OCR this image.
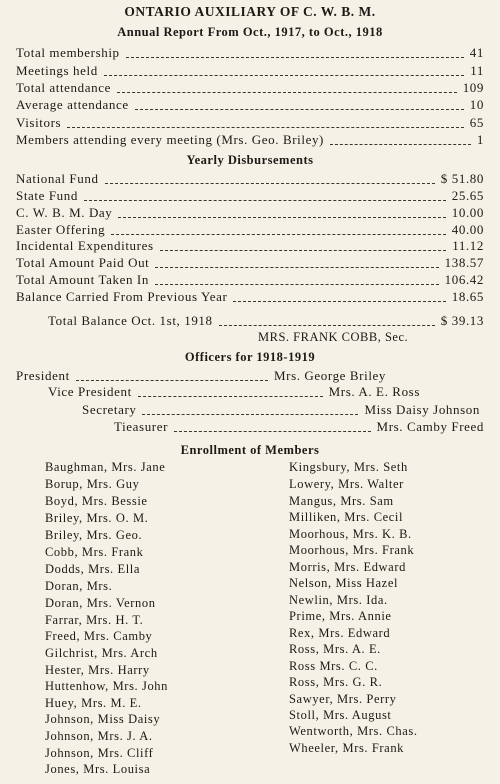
ONTARIO AUXILIARY OF C. W. B. M.
Annual Report From Oct., 1917, to Oct., 1918
Total membership	41
Meetings held	11
Total attendance	109
Average attendance	10
Visitors	65
Members attending every meeting (Mrs. Geo. Briley)	1
Yearly Disbursements
National Fund	$ 51.80
State Fund	25.65
C. W. B. M. Day	10.00
Easter Offering	40.00
Incidental Expenditures	11.12
Total Amount Paid Out	138.57
Total Amount Taken In	106.42
Balance Carried From Previous Year	18.65
Total Balance Oct. 1st, 1918	$ 39.13
MRS. FRANK COBB, Sec.
Officers for 1918-1919
President	Mrs. George Briley
Vice President	Mrs. A. E. Ross
Secretary	Miss Daisy Johnson
Tieasurer	Mrs. Camby Freed
Enrollment of Members
Baughman, Mrs. Jane
Borup, Mrs. Guy
Boyd, Mrs. Bessie
Briley, Mrs. O. M.
Briley, Mrs. Geo.
Cobb, Mrs. Frank
Dodds, Mrs. Ella
Doran, Mrs.
Doran, Mrs. Vernon
Farrar, Mrs. H. T.
Freed, Mrs. Camby
Gilchrist, Mrs. Arch
Hester, Mrs. Harry
Huttenhow, Mrs. John
Huey, Mrs. M. E.
Johnson, Miss Daisy
Johnson, Mrs. J. A.
Johnson, Mrs. Cliff
Jones, Mrs. Louisa
Kingsbury, Mrs. Seth
Lowery, Mrs. Walter
Mangus, Mrs. Sam
Milliken, Mrs. Cecil
Moorhous, Mrs. K. B.
Moorhous, Mrs. Frank
Morris, Mrs. Edward
Nelson, Miss Hazel
Newlin, Mrs. Ida.
Prime, Mrs. Annie
Rex, Mrs. Edward
Ross, Mrs. A. E.
Ross Mrs. C. C.
Ross, Mrs. G. R.
Sawyer, Mrs. Perry
Stoll, Mrs. August
Wentworth, Mrs. Chas.
Wheeler, Mrs. Frank
